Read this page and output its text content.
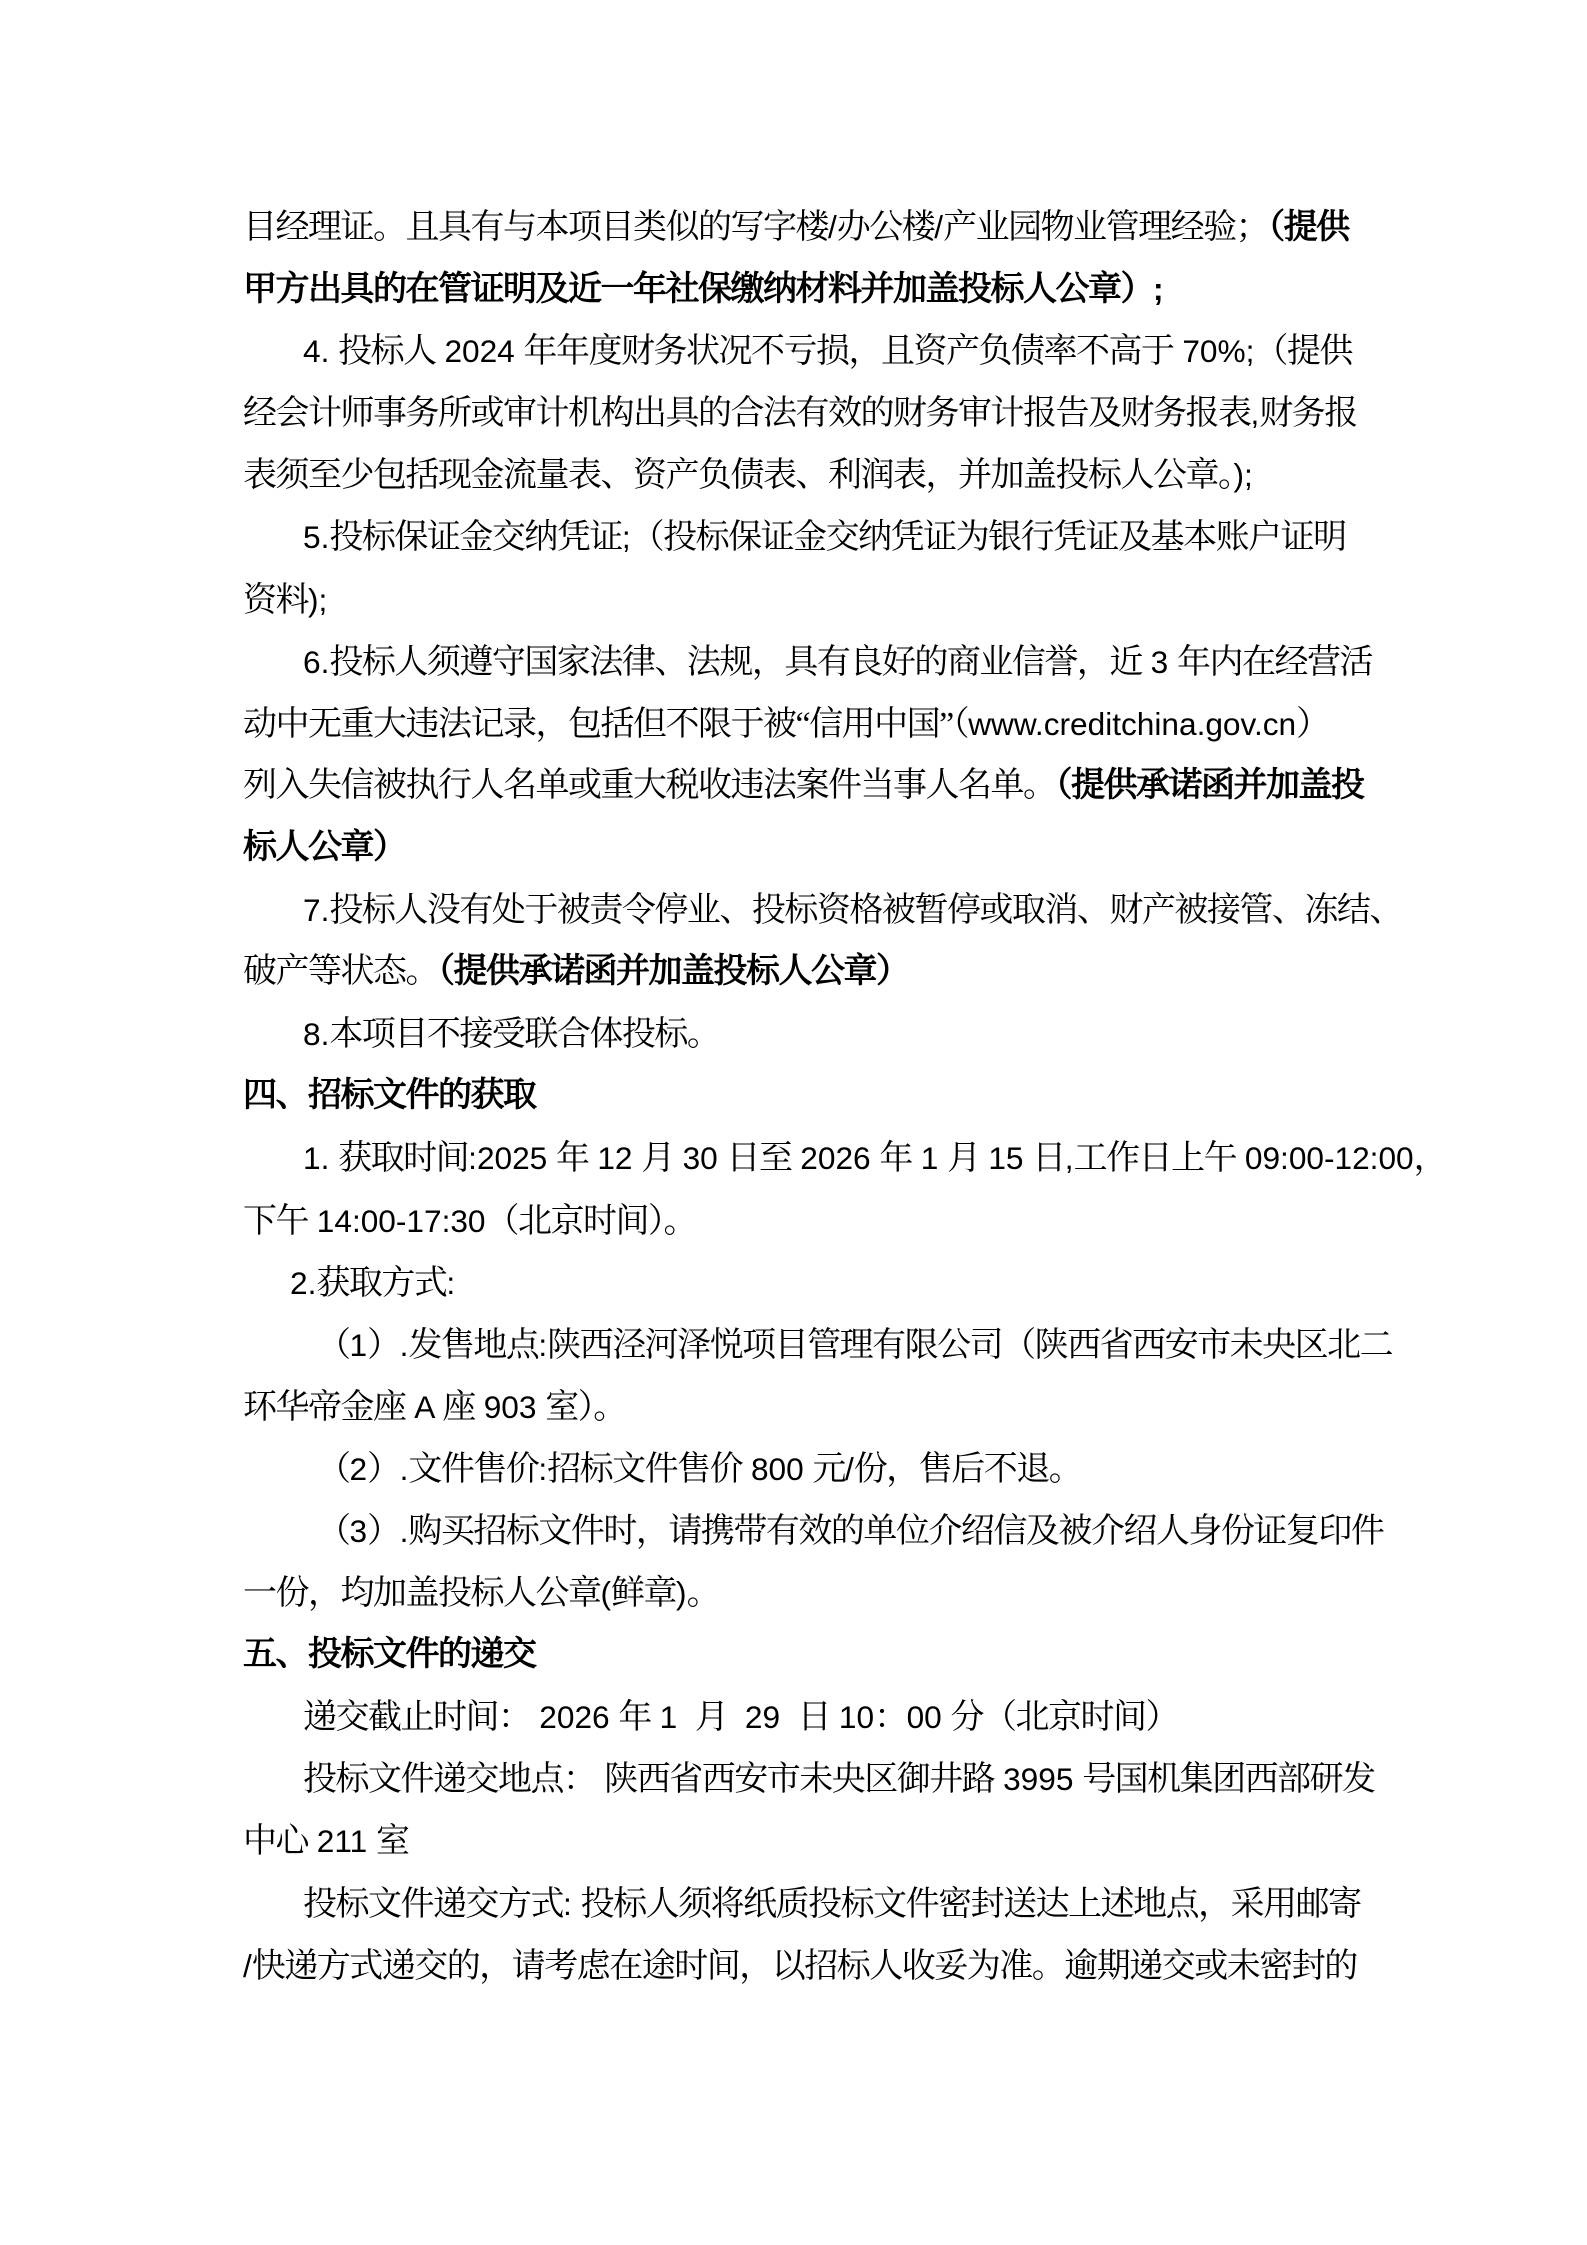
目经理证。且具有与本项目类似的写字楼/办公楼/产业园物业管理经验；（提供
甲方出具的在管证明及近一年社保缴纳材料并加盖投标人公章）;
4. 投标人 2024 年年度财务状况不亏损，且资产负债率不高于 70%;（提供
经会计师事务所或审计机构出具的合法有效的财务审计报告及财务报表,财务报
表须至少包括现金流量表、资产负债表、利润表，并加盖投标人公章。);
5.投标保证金交纳凭证;（投标保证金交纳凭证为银行凭证及基本账户证明
资料);
6.投标人须遵守国家法律、法规，具有良好的商业信誉，近 3 年内在经营活
动中无重大违法记录，包括但不限于被“信用中国”（www.creditchina.gov.cn）
列入失信被执行人名单或重大税收违法案件当事人名单。（提供承诺函并加盖投
标人公章）
7.投标人没有处于被责令停业、投标资格被暂停或取消、财产被接管、冻结、
破产等状态。（提供承诺函并加盖投标人公章）
8.本项目不接受联合体投标。
四、招标文件的获取
1. 获取时间:2025 年 12 月 30 日至 2026 年 1 月 15 日,工作日上午 09:00-12:00，
下午 14:00-17:30（北京时间）。
2.获取方式:
（1）.发售地点:陕西泾河泽悦项目管理有限公司（陕西省西安市未央区北二
环华帝金座 A 座 903 室）。
（2）.文件售价:招标文件售价 800 元/份，售后不退。
（3）.购买招标文件时，请携带有效的单位介绍信及被介绍人身份证复印件
一份，均加盖投标人公章(鲜章)。
五、投标文件的递交
递交截止时间： 2026 年 1  月  29  日 10：00 分（北京时间）
投标文件递交地点： 陕西省西安市未央区御井路 3995 号国机集团西部研发
中心 211 室
投标文件递交方式: 投标人须将纸质投标文件密封送达上述地点，采用邮寄
/快递方式递交的，请考虑在途时间，以招标人收妥为准。逾期递交或未密封的
